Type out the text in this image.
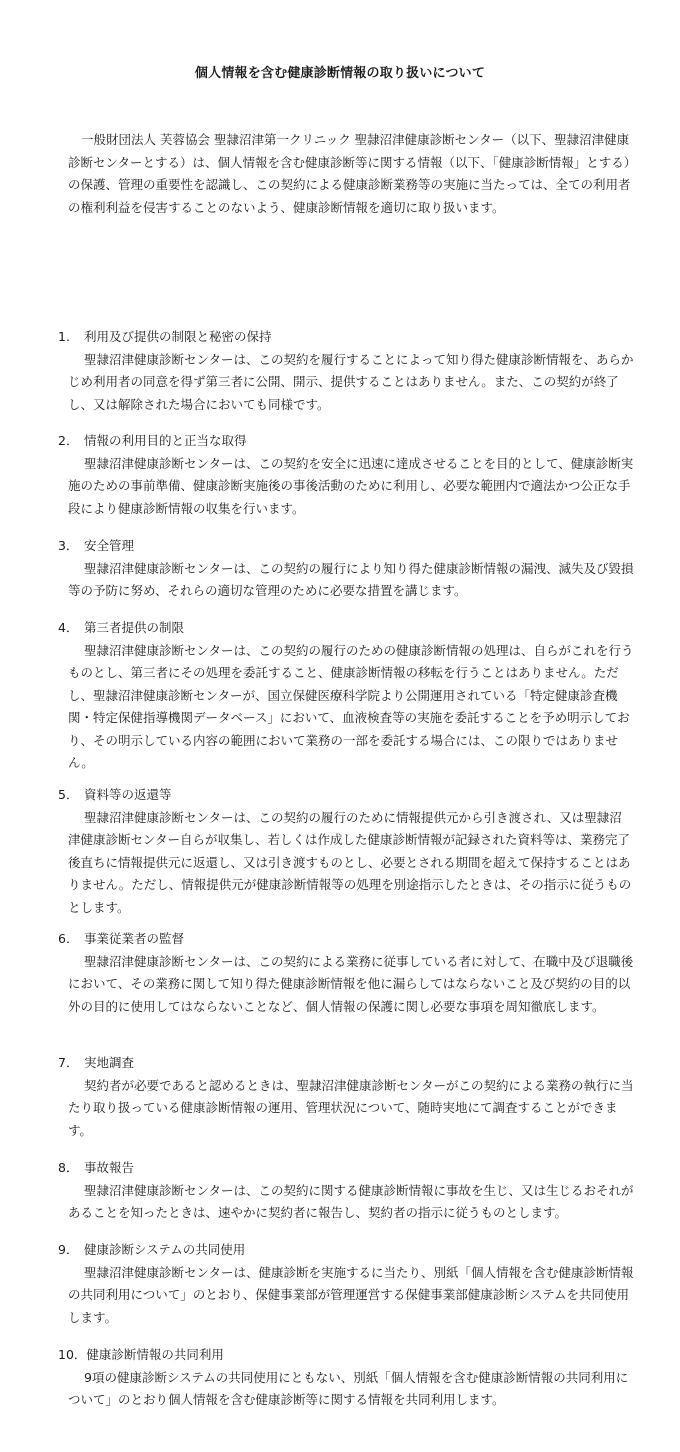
個人情報を含む健康診断情報の取り扱いについて

一般財団法人 芙蓉協会 聖隷沼津第一クリニック 聖隷沼津健康診断センター（以下、聖隷沼津健康診断センターとする）は、個人情報を含む健康診断等に関する情報（以下、「健康診断情報」とする）の保護、管理の重要性を認識し、この契約による健康診断業務等の実施に当たっては、全ての利用者の権利利益を侵害することのないよう、健康診断情報を適切に取り扱います。

1. 利用及び提供の制限と秘密の保持

聖隷沼津健康診断センターは、この契約を履行することによって知り得た健康診断情報を、あらかじめ利用者の同意を得ず第三者に公開、開示、提供することはありません。また、この契約が終了し、又は解除された場合においても同様です。

2． 情報の利用目的と正当な取得

聖隷沼津健康診断センターは、この契約を安全に迅速に達成させることを目的として、健康診断実施のための事前準備、健康診断実施後の事後活動のために利用し、必要な範囲内で適法かつ公正な手段により健康診断情報の収集を行います。

3． 安全管理

聖隷沼津健康診断センターは、この契約の履行により知り得た健康診断情報の漏洩、滅失及び毀損等の予防に努め、それらの適切な管理のために必要な措置を講じます。

4． 第三者提供の制限

聖隷沼津健康診断センターは、この契約の履行のための健康診断情報の処理は、自らがこれを行うものとし、第三者にその処理を委託すること、健康診断情報の移転を行うことはありません。ただし、聖隷沼津健康診断センターが、国立保健医療科学院より公開運用されている「特定健康診査機関・特定保健指導機関データベース」において、血液検査等の実施を委託することを予め明示しており、その明示している内容の範囲において業務の一部を委託する場合には、この限りではありません。

5． 資料等の返還等

聖隷沼津健康診断センターは、この契約の履行のために情報提供元から引き渡され、又は聖隷沼津健康診断センター自らが収集し、若しくは作成した健康診断情報が記録された資料等は、業務完了後直ちに情報提供元に返還し、又は引き渡すものとし、必要とされる期間を超えて保持することはありません。ただし、情報提供元が健康診断情報等の処理を別途指示したときは、その指示に従うものとします。

6． 事業従業者の監督

聖隷沼津健康診断センターは、この契約による業務に従事している者に対して、在職中及び退職後において、その業務に関して知り得た健康診断情報を他に漏らしてはならないこと及び契約の目的以外の目的に使用してはならないことなど、個人情報の保護に関し必要な事項を周知徹底します。

7． 実地調査

契約者が必要であると認めるときは、聖隷沼津健康診断センターがこの契約による業務の執行に当たり取り扱っている健康診断情報の運用、管理状況について、随時実地にて調査することができます。

8． 事故報告

聖隷沼津健康診断センターは、この契約に関する健康診断情報に事故を生じ、又は生じるおそれがあることを知ったときは、速やかに契約者に報告し、契約者の指示に従うものとします。

9． 健康診断システムの共同使用

聖隷沼津健康診断センターは、健康診断を実施するに当たり、別紙「個人情報を含む健康診断情報の共同利用について」のとおり、保健事業部が管理運営する保健事業部健康診断システムを共同使用します。

10．健康診断情報の共同利用

9項の健康診断システムの共同使用にともない、別紙「個人情報を含む健康診断情報の共同利用について」のとおり個人情報を含む健康診断等に関する情報を共同利用します。
